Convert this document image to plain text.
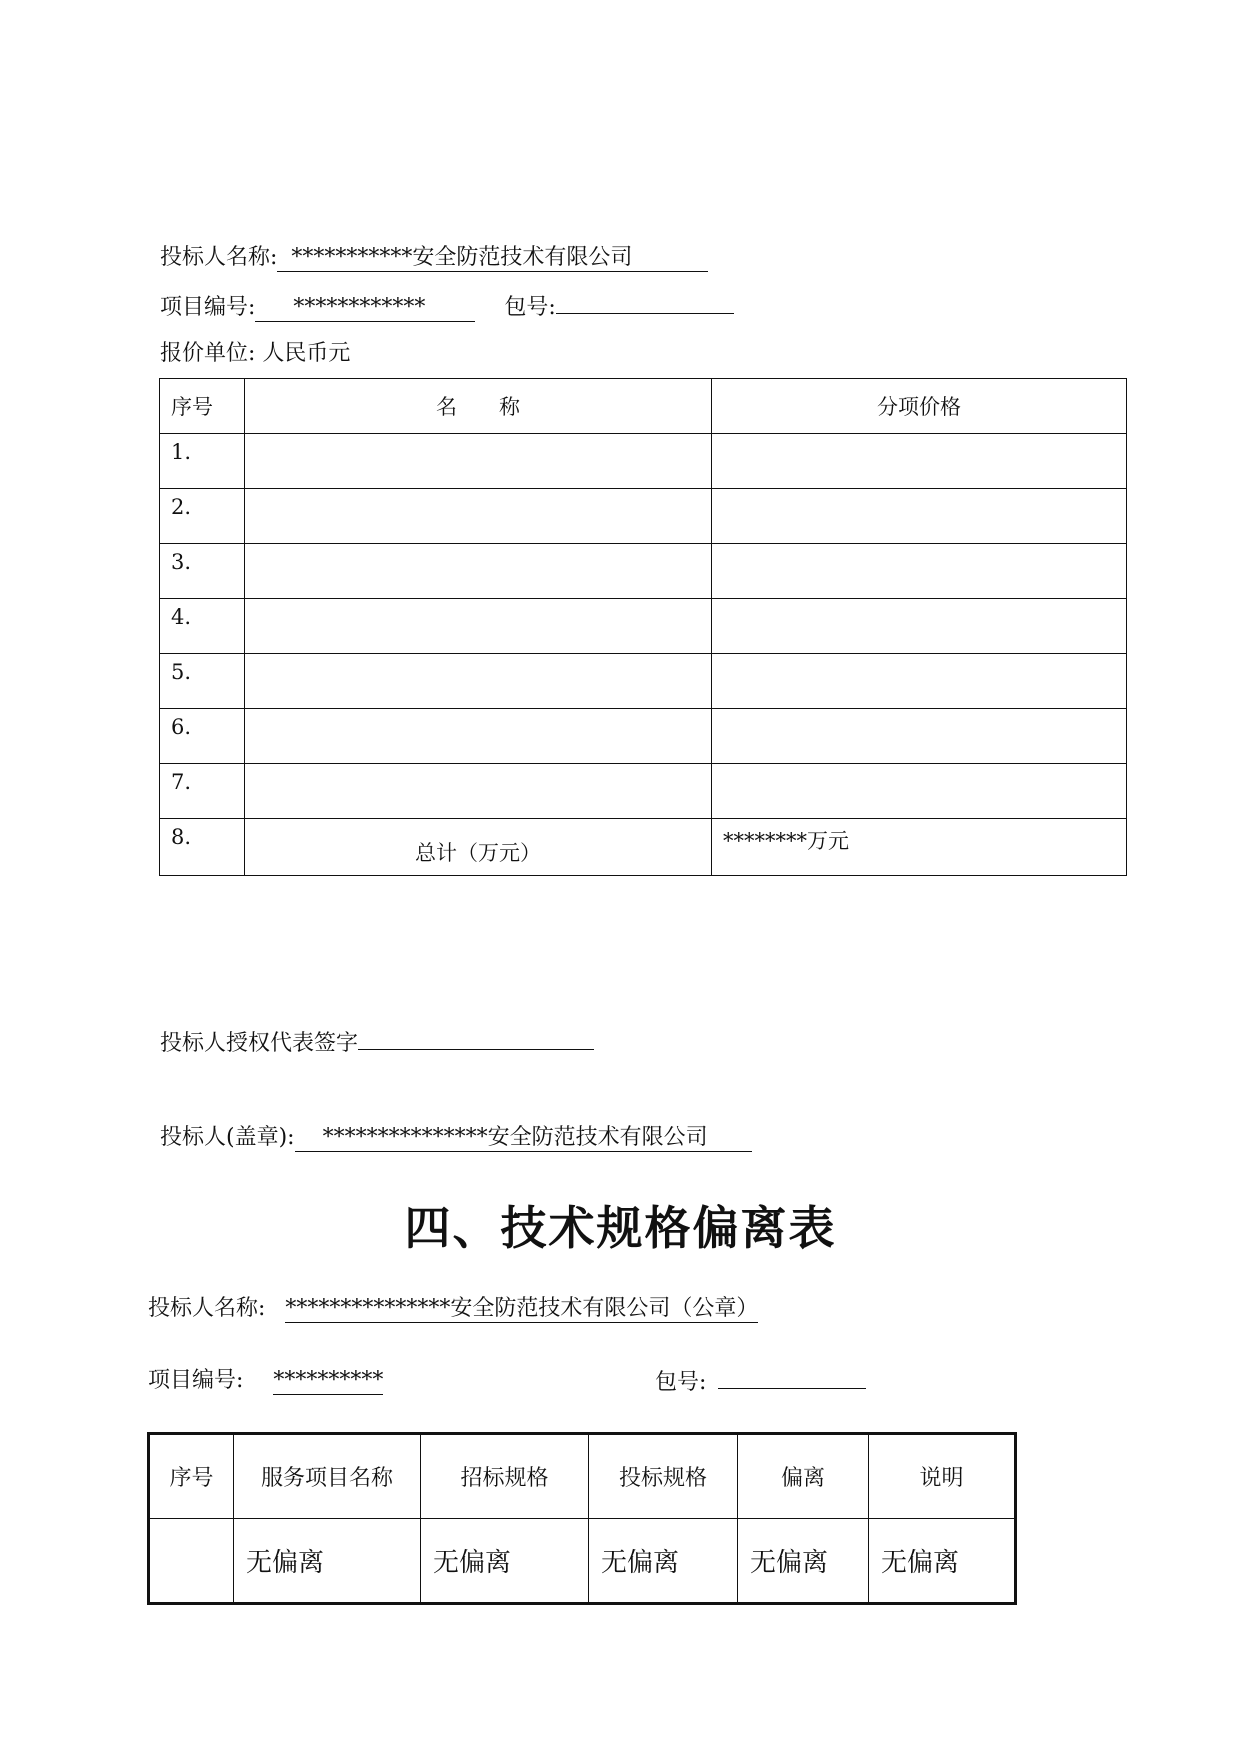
投标人名称: ***********安全防范技术有限公司
项目编号: ************	包号:
报价单位: 人民币元
序号	名　　称	分项价格
1.		
2.		
3.		
4.		
5.		
6.		
7.		
8.	总计（万元）	********万元
投标人授权代表签字
投标人(盖章): ***************安全防范技术有限公司
四、技术规格偏离表
投标人名称: ***************安全防范技术有限公司（公章）
项目编号: **********	包号:
序号	服务项目名称	招标规格	投标规格	偏离	说明
	无偏离	无偏离	无偏离	无偏离	无偏离
